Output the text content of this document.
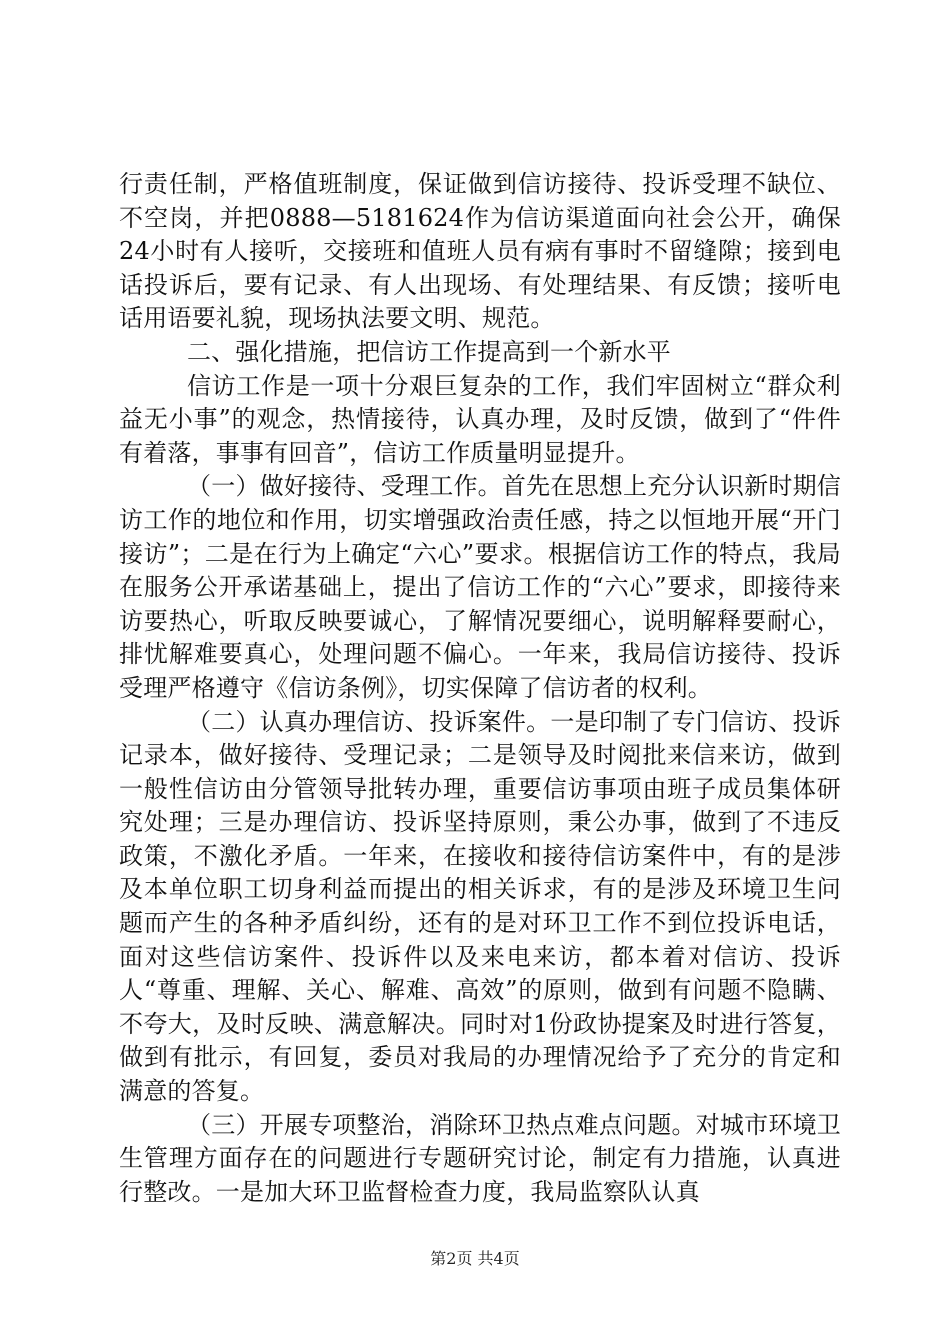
行责任制，严格值班制度，保证做到信访接待、投诉受理不缺位、不空岗，并把0888—5181624作为信访渠道面向社会公开，确保24小时有人接听，交接班和值班人员有病有事时不留缝隙；接到电话投诉后，要有记录、有人出现场、有处理结果、有反馈；接听电话用语要礼貌，现场执法要文明、规范。

二、强化措施，把信访工作提高到一个新水平

信访工作是一项十分艰巨复杂的工作，我们牢固树立“群众利益无小事”的观念，热情接待，认真办理，及时反馈，做到了“件件有着落，事事有回音”，信访工作质量明显提升。

（一）做好接待、受理工作。首先在思想上充分认识新时期信访工作的地位和作用，切实增强政治责任感，持之以恒地开展“开门接访”；二是在行为上确定“六心”要求。根据信访工作的特点，我局在服务公开承诺基础上，提出了信访工作的“六心”要求，即接待来访要热心，听取反映要诚心，了解情况要细心，说明解释要耐心，排忧解难要真心，处理问题不偏心。一年来，我局信访接待、投诉受理严格遵守《信访条例》，切实保障了信访者的权利。

（二）认真办理信访、投诉案件。一是印制了专门信访、投诉记录本，做好接待、受理记录；二是领导及时阅批来信来访，做到一般性信访由分管领导批转办理，重要信访事项由班子成员集体研究处理；三是办理信访、投诉坚持原则，秉公办事，做到了不违反政策，不激化矛盾。一年来，在接收和接待信访案件中，有的是涉及本单位职工切身利益而提出的相关诉求，有的是涉及环境卫生问题而产生的各种矛盾纠纷，还有的是对环卫工作不到位投诉电话，面对这些信访案件、投诉件以及来电来访，都本着对信访、投诉人“尊重、理解、关心、解难、高效”的原则，做到有问题不隐瞒、不夸大，及时反映、满意解决。同时对1份政协提案及时进行答复，做到有批示，有回复，委员对我局的办理情况给予了充分的肯定和满意的答复。

（三）开展专项整治，消除环卫热点难点问题。对城市环境卫生管理方面存在的问题进行专题研究讨论，制定有力措施，认真进行整改。一是加大环卫监督检查力度，我局监察队认真

第2页 共4页
